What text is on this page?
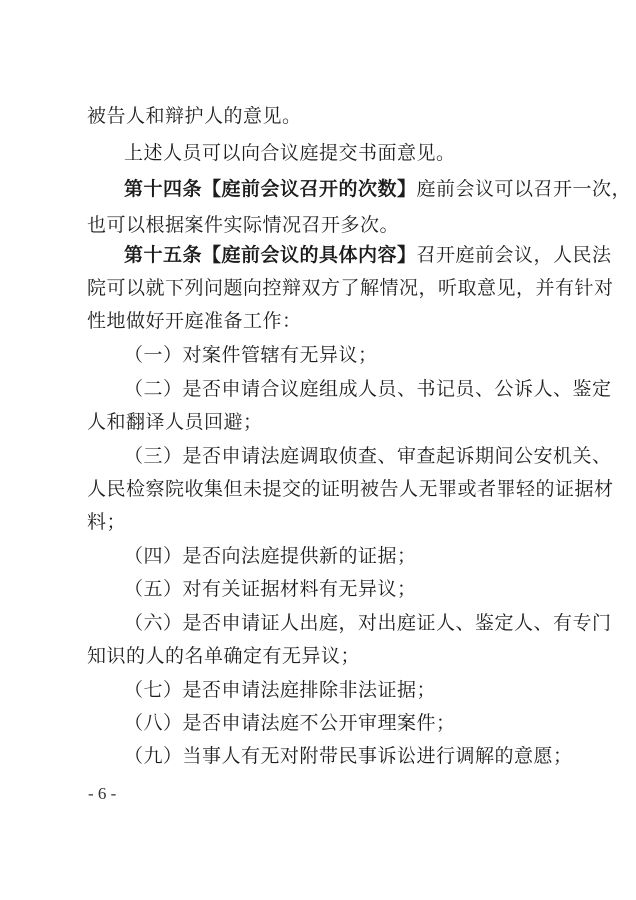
被告人和辩护人的意见。
上述人员可以向合议庭提交书面意见。
第十四条【庭前会议召开的次数】庭前会议可以召开一次，
也可以根据案件实际情况召开多次。
第十五条【庭前会议的具体内容】召开庭前会议，人民法
院可以就下列问题向控辩双方了解情况，听取意见，并有针对
性地做好开庭准备工作：
（一）对案件管辖有无异议；
（二）是否申请合议庭组成人员、书记员、公诉人、鉴定
人和翻译人员回避；
（三）是否申请法庭调取侦查、审查起诉期间公安机关、
人民检察院收集但未提交的证明被告人无罪或者罪轻的证据材
料；
（四）是否向法庭提供新的证据；
（五）对有关证据材料有无异议；
（六）是否申请证人出庭，对出庭证人、鉴定人、有专门
知识的人的名单确定有无异议；
（七）是否申请法庭排除非法证据；
（八）是否申请法庭不公开审理案件；
（九）当事人有无对附带民事诉讼进行调解的意愿；
- 6 -
